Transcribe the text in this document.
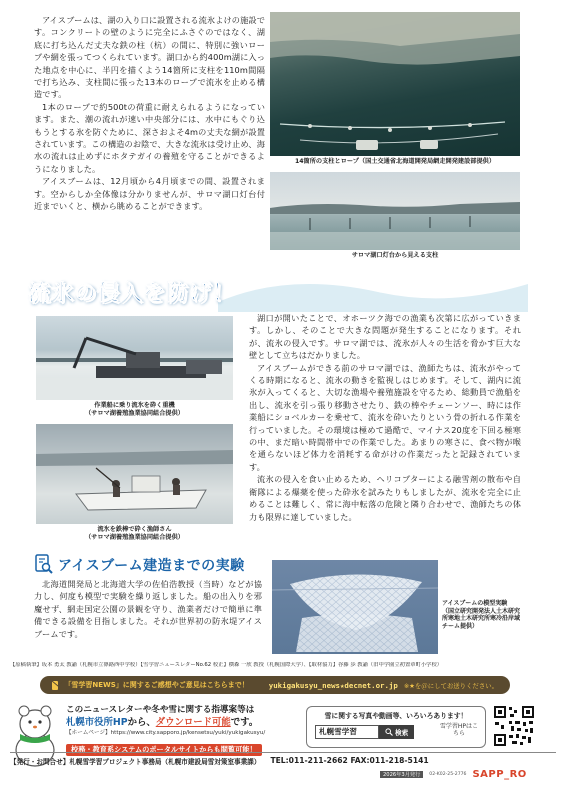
アイスブームは、湖の入り口に設置される流氷よけの施設です。コンクリートの壁のように完全にふさぐのではなく、湖底に打ち込んだ丈夫な鉄の柱（杭）の間に、特別に強いロープや網を張ってつくられています。湖口から約400m湖に入った地点を中心に、半円を描くよう14箇所に支柱を110m間隔で打ち込み、支柱間に張った13本のロープで流氷を止める構造です。

1本のロープで約500tの荷重に耐えられるようになっています。また、潮の流れが速い中央部分には、水中にもぐり込もうとする氷を防ぐために、深さおよそ4mの丈夫な網が設置されています。この構造のお陰で、大きな流氷は受け止め、海水の流れは止めずにホタテガイの養殖を守ることができるようになりました。

アイスブームは、12月頃から4月頃までの間、設置されます。空からしか全体像は分かりませんが、サロマ湖口灯台付近までいくと、横から眺めることができます。

14箇所の支柱とロープ（国土交通省北海道開発局網走開発建設部提供）
サロマ湖口灯台から見える支柱
流氷の侵入を防げ！

湖口が開いたことで、オホーツク海での漁業も次第に広がっていきます。しかし、そのことで大きな問題が発生することになります。それが、流氷の侵入です。サロマ湖では、流氷が人々の生活を脅かす巨大な壁として立ちはだかりました。

アイスブームができる前のサロマ湖では、漁師たちは、流氷がやってくる時期になると、流氷の動きを監視しはじめます。そして、湖内に流氷が入ってくると、大切な漁場や養殖施設を守るため、総動員で漁船を出し、流氷を引っ張り移動させたり、鉄の棒やチェーンソー、時には作業船にショベルカーを乗せて、流氷を砕いたりという骨の折れる作業を行っていました。その環境は極めて過酷で、マイナス20度を下回る極寒の中、まだ暗い時間帯中での作業でした。あまりの寒さに、食べ物が喉を通らないほど体力を消耗する命がけの作業だったと記録されています。

流氷の侵入を食い止めるため、ヘリコプターによる融雪剤の散布や自衛隊による爆薬を使った砕氷を試みたりもしましたが、流氷を完全に止めることは難しく、常に海中転落の危険と隣り合わせで、漁師たちの体力も限界に達していました。

作業船に乗り流氷を砕く重機
（サロマ湖養殖漁業協同組合提供）
流氷を鉄棒で砕く漁師さん
（サロマ湖養殖漁業協同組合提供）
アイスブーム建造までの実験

北海道開発局と北海道大学の佐伯浩教授（当時）などが協力し、何度も模型で実験を繰り返しました。船の出入りを邪魔せず、網走国定公園の景観を守り、漁業者だけで簡単に準備できる設備を目指しました。それが世界初の防氷堤アイスブームです。

アイスブームの模型実験
（国立研究開発法人土木研究所寒地土木研究所寒冷沿岸域チーム提供）
【原稿執筆】坂本 勇太 教諭（札幌市立篠路西中学校）【雪学習ニュースレターNo.62 校正】横森 一欣 教授（札幌国際大学）、【取材協力】谷藤 歩 教諭（旧中学園立初置章町小学校）
「雪学習NEWS」に関するご感想やご意見はこちらまで！	yukigakusyu_news★decnet.or.jp ※★を＠にしてお送りください。
このニュースレターや冬や雪に関する指導案等は
札幌市役所HPから、ダウンロード可能です。
【ホームページ】https://www.city.sapporo.jp/kensetsu/yuki/yukigakusyu/
校務・教育系システムのポータルサイトからも閲覧可能！
雪に関する写真や動画等、いろいろあります！
札幌雪学習	検索
雪学習HPはこちら
【発行・お問合せ】札幌雪学習プロジェクト事務局（札幌市建設局雪対策室事業課） TEL:011-211-2662 FAX:011-218-5141
2026年3月発行	02-K02-25-2776 SAPP_RO
